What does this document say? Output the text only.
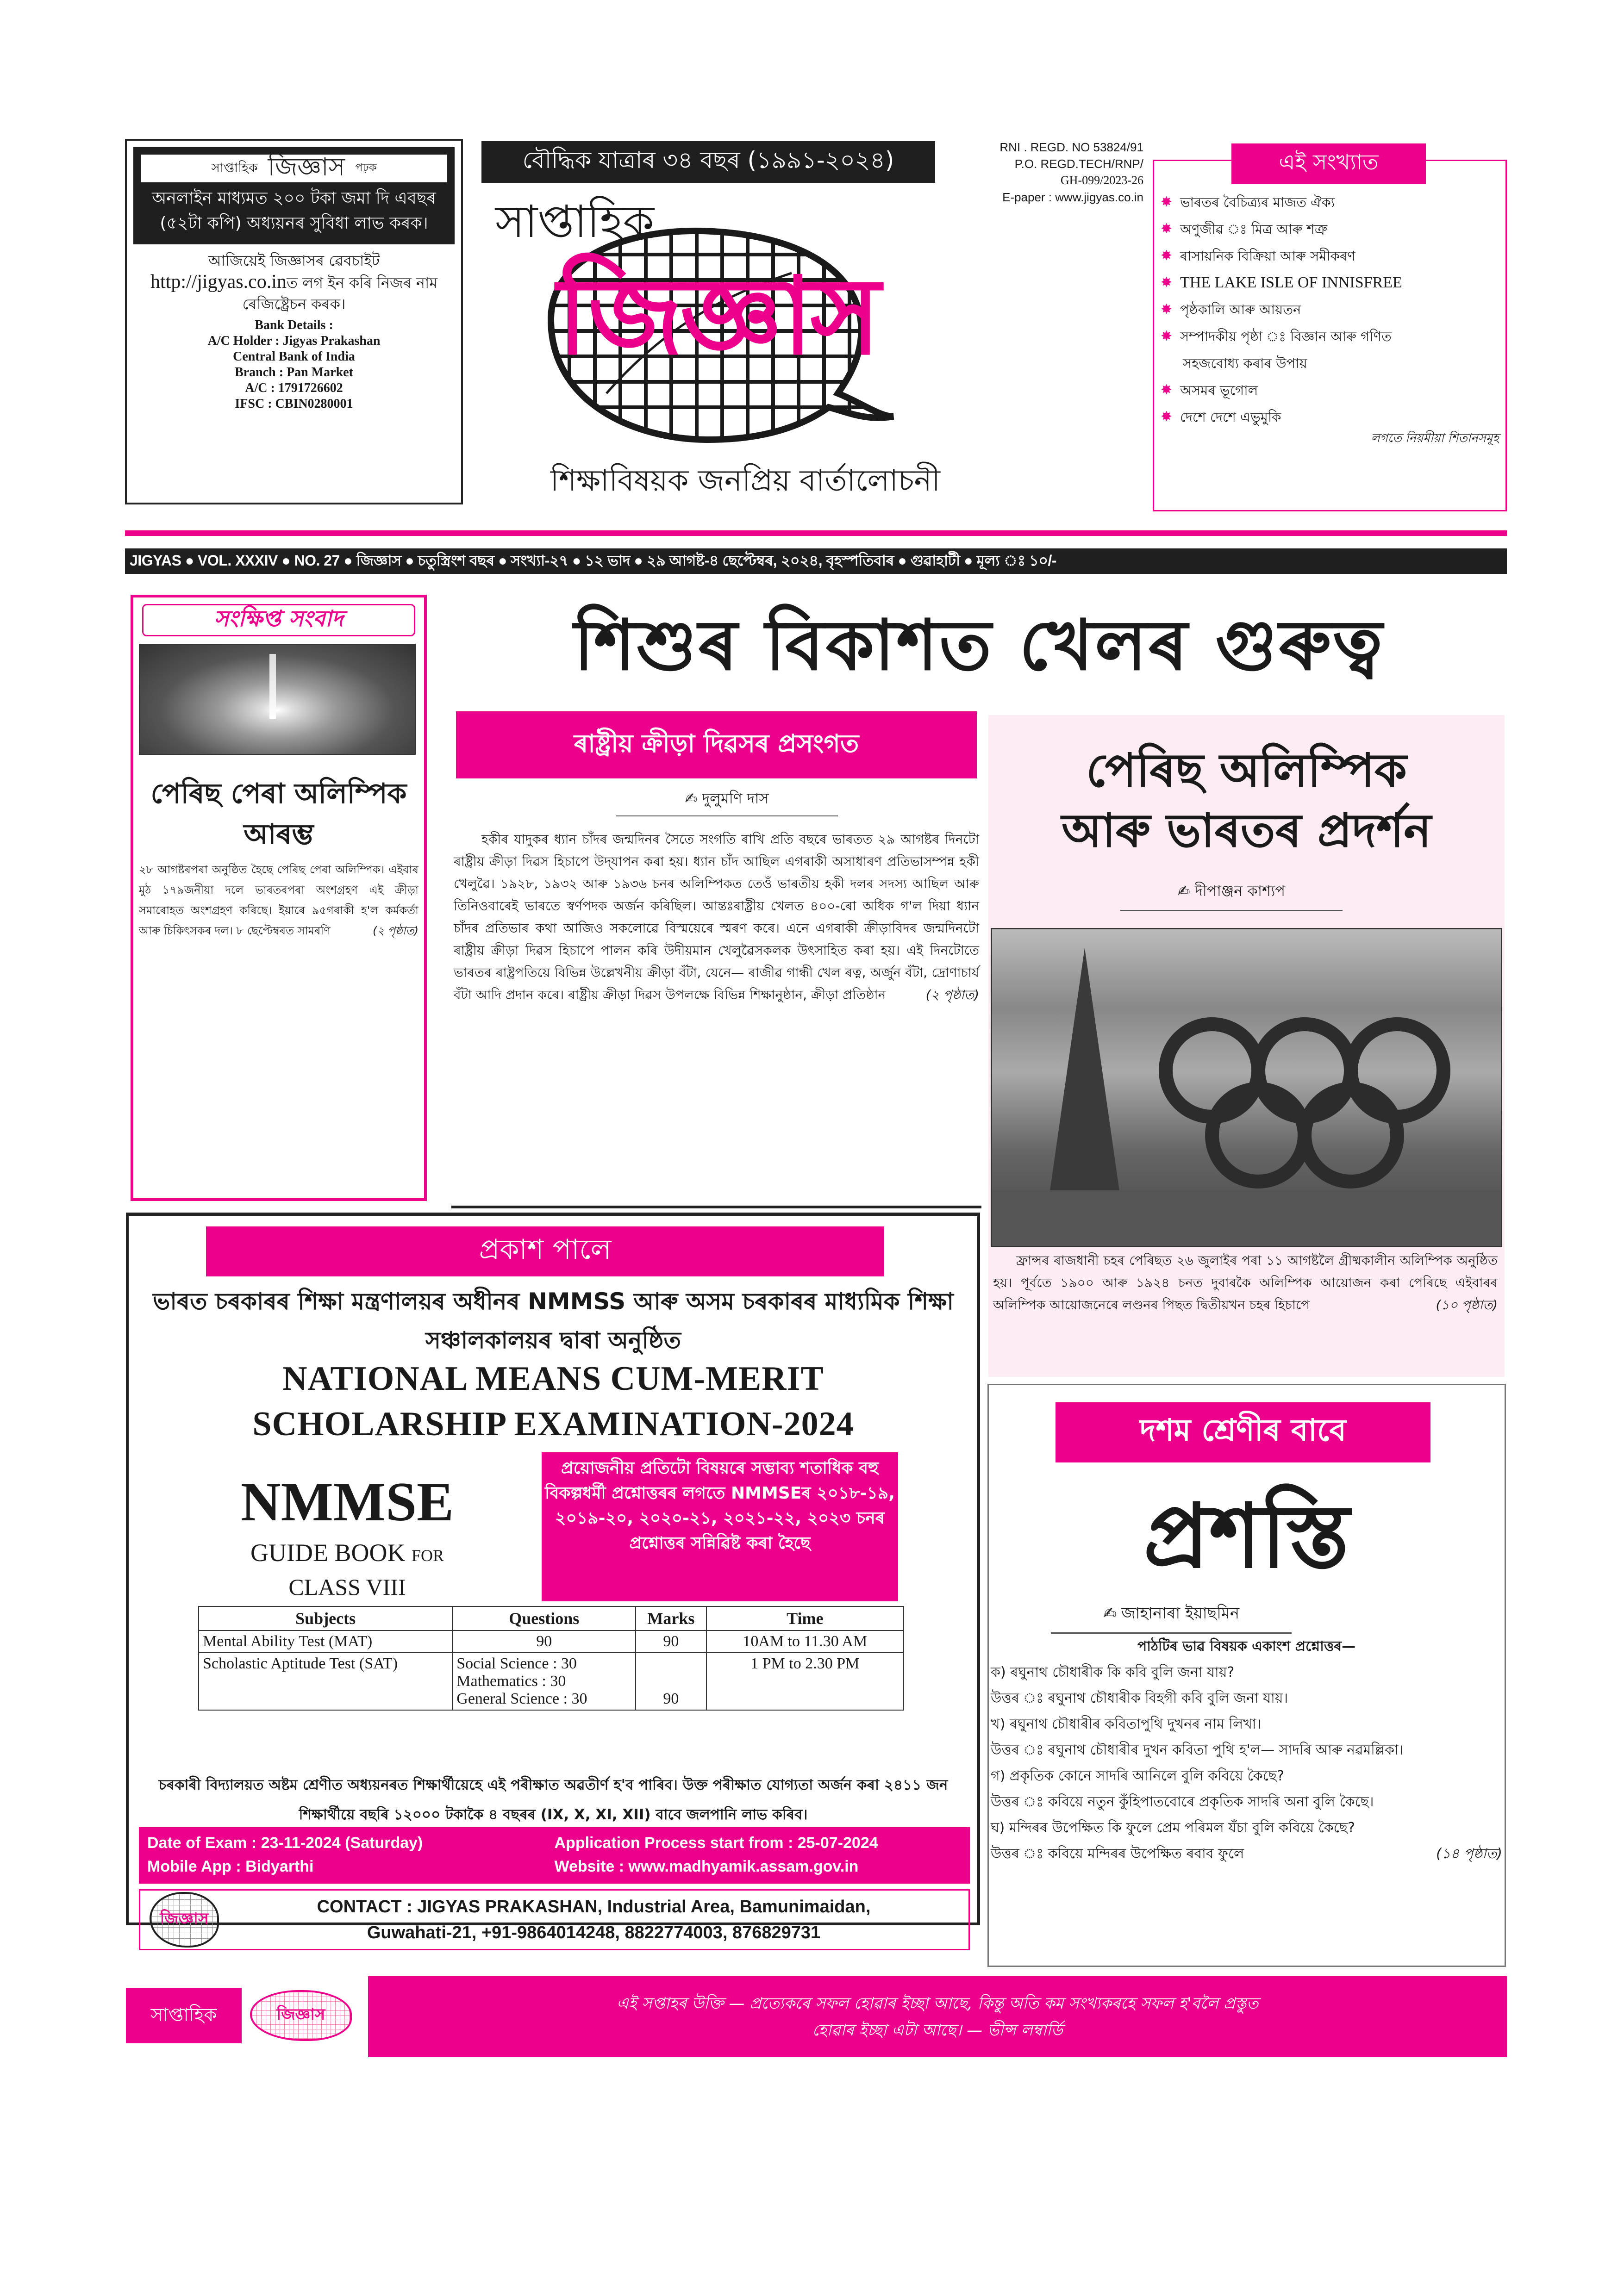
সাপ্তাহিক জিজ্ঞাস পঢ়ক
অনলাইন মাধ্যমত ২০০ টকা জমা দি এবছৰ (৫২টা কপি) অধ্যয়নৰ সুবিধা লাভ কৰক।
আজিয়েই জিজ্ঞাসৰ ৱেবচাইট
http://jigyas.co.inত লগ ইন কৰি নিজৰ নাম ৰেজিষ্ট্ৰেচন কৰক।
Bank Details :
A/C Holder : Jigyas Prakashan
Central Bank of India
Branch : Pan Market
A/C : 1791726602
IFSC : CBIN0280001
বৌদ্ধিক যাত্ৰাৰ ৩৪ বছৰ (১৯৯১-২০২৪)	RNI . REGD. NO 53824/91
P.O. REGD.TECH/RNP/
GH-099/2023-26
E-paper : www.jigyas.co.in
সাপ্তাহিক
জিজ্ঞাস
শিক্ষাবিষয়ক জনপ্ৰিয় বাৰ্তালোচনী
✸ ভাৰতৰ বৈচিত্ৰ্যৰ মাজত ঐক্য
✸ অণুজীৱ ঃ মিত্ৰ আৰু শত্ৰু
✸ ৰাসায়নিক বিক্ৰিয়া আৰু সমীকৰণ
✸ THE LAKE ISLE OF INNISFREE
✸ পৃষ্ঠকালি আৰু আয়তন
✸ সম্পাদকীয় পৃষ্ঠা ঃ বিজ্ঞান আৰু গণিত
সহজবোধ্য কৰাৰ উপায়
✸ অসমৰ ভূগোল
✸ দেশে দেশে এভুমুকি
লগতে নিয়মীয়া শিতানসমূহ
এই সংখ্যাত
JIGYAS ● VOL. XXXIV ● NO. 27 ● জিজ্ঞাস ● চতুস্ত্ৰিংশ বছৰ ● সংখ্যা-২৭ ● ১২ ভাদ ● ২৯ আগষ্ট-৪ ছেপ্টেম্বৰ, ২০২৪, বৃহস্পতিবাৰ ● গুৱাহাটী ● মূল্য ঃ ১০/-
সংক্ষিপ্ত সংবাদ
পেৰিছ পেৰা অলিম্পিক আৰম্ভ
২৮ আগষ্টৰপৰা অনুষ্ঠিত হৈছে পেৰিছ পেৰা অলিম্পিক। এইবাৰ মুঠ ১৭৯জনীয়া দলে ভাৰতৰপৰা অংশগ্ৰহণ এই ক্ৰীড়া সমাৰোহত অংশগ্ৰহণ কৰিছে। ইয়াৰে ৯৫গৰাকী হ'ল কৰ্মকৰ্তা আৰু চিকিৎসকৰ দল। ৮ ছেপ্টেম্বৰত সামৰণি	(২ পৃষ্ঠাত)
শিশুৰ বিকাশত খেলৰ গুৰুত্ব
ৰাষ্ট্ৰীয় ক্ৰীড়া দিৱসৰ প্ৰসংগত
✍ দুলুমণি দাস
হকীৰ যাদুকৰ ধ্যান চাঁদৰ জন্মদিনৰ সৈতে সংগতি ৰাখি প্ৰতি বছৰে ভাৰতত ২৯ আগষ্টৰ দিনটো ৰাষ্ট্ৰীয় ক্ৰীড়া দিৱস হিচাপে উদ্‌যাপন কৰা হয়। ধ্যান চাঁদ আছিল এগৰাকী অসাধাৰণ প্ৰতিভাসম্পন্ন হকী খেলুৱৈ। ১৯২৮, ১৯৩২ আৰু ১৯৩৬ চনৰ অলিম্পিকত তেওঁ ভাৰতীয় হকী দলৰ সদস্য আছিল আৰু তিনিওবাৰেই ভাৰতে স্বৰ্ণপদক অৰ্জন কৰিছিল। আন্তঃৰাষ্ট্ৰীয় খেলত ৪০০-ৰো অধিক গ'ল দিয়া ধ্যান চাঁদৰ প্ৰতিভাৰ কথা আজিও সকলোৱে বিস্ময়েৰে স্মৰণ কৰে। এনে এগৰাকী ক্ৰীড়াবিদৰ জন্মদিনটো ৰাষ্ট্ৰীয় ক্ৰীড়া দিৱস হিচাপে পালন কৰি উদীয়মান খেলুৱৈসকলক উৎসাহিত কৰা হয়। এই দিনটোতে ভাৰতৰ ৰাষ্ট্ৰপতিয়ে বিভিন্ন উল্লেখনীয় ক্ৰীড়া বঁটা, যেনে— ৰাজীৱ গান্ধী খেল ৰত্ন, অৰ্জুন বঁটা, দ্ৰোণাচাৰ্য বঁটা আদি প্ৰদান কৰে। ৰাষ্ট্ৰীয় ক্ৰীড়া দিৱস উপলক্ষে বিভিন্ন শিক্ষানুষ্ঠান, ক্ৰীড়া প্ৰতিষ্ঠান	(২ পৃষ্ঠাত)
পেৰিছ অলিম্পিক
আৰু ভাৰতৰ প্ৰদৰ্শন
✍ দীপাঞ্জন কাশ্যপ
ফ্ৰান্সৰ ৰাজধানী চহৰ পেৰিছত ২৬ জুলাইৰ পৰা ১১ আগষ্টলৈ গ্ৰীষ্মকালীন অলিম্পিক অনুষ্ঠিত হয়। পূৰ্বতে ১৯০০ আৰু ১৯২৪ চনত দুবাৰকৈ অলিম্পিক আয়োজন কৰা পেৰিছে এইবাৰৰ অলিম্পিক আয়োজনেৰে লণ্ডনৰ পিছত দ্বিতীয়খন চহৰ হিচাপে	(১০ পৃষ্ঠাত)
প্ৰকাশ পালে
ভাৰত চৰকাৰৰ শিক্ষা মন্ত্ৰণালয়ৰ অধীনৰ NMMSS আৰু অসম চৰকাৰৰ মাধ্যমিক শিক্ষা সঞ্চালকালয়ৰ দ্বাৰা অনুষ্ঠিত
NATIONAL MEANS CUM-MERIT
SCHOLARSHIP EXAMINATION-2024
NMMSE
GUIDE BOOK FOR
CLASS VIII
প্ৰয়োজনীয় প্ৰতিটো বিষয়ৰে সম্ভাব্য শতাধিক বহু বিকল্পধৰ্মী প্ৰশ্নোত্তৰৰ লগতে NMMSEৰ ২০১৮-১৯, ২০১৯-২০, ২০২০-২১, ২০২১-২২, ২০২৩ চনৰ প্ৰশ্নোত্তৰ সন্নিৱিষ্ট কৰা হৈছে
Subjects	Questions	Marks	Time
Mental Ability Test (MAT)	90	90	10AM to 11.30 AM
Scholastic Aptitude Test (SAT)	Social Science : 30
Mathematics : 30
General Science : 30	90	1 PM to 2.30 PM
চৰকাৰী বিদ্যালয়ত অষ্টম শ্ৰেণীত অধ্যয়নৰত শিক্ষাৰ্থীয়েহে এই পৰীক্ষাত অৱতীৰ্ণ হ'ব পাৰিব। উক্ত পৰীক্ষাত যোগ্যতা অৰ্জন কৰা ২৪১১ জন শিক্ষাৰ্থীয়ে বছৰি ১২০০০ টকাকৈ ৪ বছৰৰ (IX, X, XI, XII) বাবে জলপানি লাভ কৰিব।
Date of Exam : 23-11-2024 (Saturday)	Application Process start from : 25-07-2024
Mobile App : Bidyarthi	Website : www.madhyamik.assam.gov.in
জিজ্ঞাস
CONTACT : JIGYAS PRAKASHAN, Industrial Area, Bamunimaidan,
Guwahati-21, +91-9864014248, 8822774003, 876829731
দশম শ্ৰেণীৰ বাবে
প্ৰশস্তি
✍ জাহানাৰা ইয়াছমিন
পাঠটিৰ ভাৱ বিষয়ক একাংশ প্ৰশ্নোত্তৰ—
ক) ৰঘুনাথ চৌধাৰীক কি কবি বুলি জনা যায়?
উত্তৰ ঃ ৰঘুনাথ চৌধাৰীক বিহগী কবি বুলি জনা যায়।
খ) ৰঘুনাথ চৌধাৰীৰ কবিতাপুথি দুখনৰ নাম লিখা।
উত্তৰ ঃ ৰঘুনাথ চৌধাৰীৰ দুখন কবিতা পুথি হ'ল— সাদৰি আৰু নৱমল্লিকা।
গ) প্ৰকৃতিক কোনে সাদৰি আনিলে বুলি কবিয়ে কৈছে?
উত্তৰ ঃ কবিয়ে নতুন কুঁহিপাতবোৰে প্ৰকৃতিক সাদৰি অনা বুলি কৈছে।
ঘ) মন্দিৰৰ উপেক্ষিত কি ফুলে প্ৰেম পৰিমল যঁচা বুলি কবিয়ে কৈছে?
উত্তৰ ঃ কবিয়ে মন্দিৰৰ উপেক্ষিত ৰবাব ফুলে	(১৪ পৃষ্ঠাত)
সাপ্তাহিক	জিজ্ঞাস
এই সপ্তাহৰ উক্তি — প্ৰত্যেকৰে সফল হোৱাৰ ইচ্ছা আছে, কিন্তু অতি কম সংখ্যকৰহে সফল হ'বলৈ প্ৰস্তুত
হোৱাৰ ইচ্ছা এটা আছে। — ভীন্স লম্বাৰ্ডি
